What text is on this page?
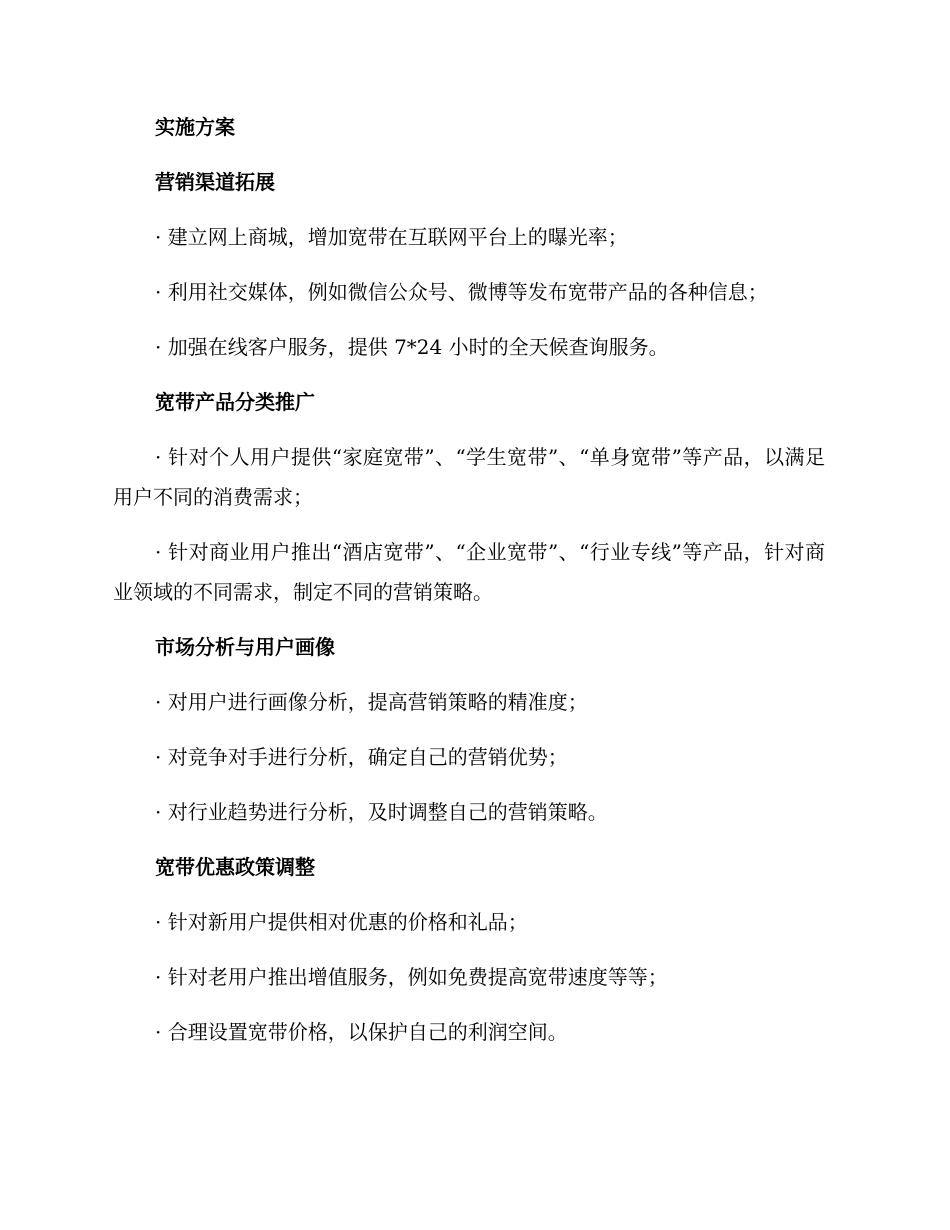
实施方案
营销渠道拓展
· 建立网上商城，增加宽带在互联网平台上的曝光率；
· 利用社交媒体，例如微信公众号、微博等发布宽带产品的各种信息；
· 加强在线客户服务，提供 7*24 小时的全天候查询服务。
宽带产品分类推广
· 针对个人用户提供“家庭宽带”、“学生宽带”、“单身宽带”等产品，以满足用户不同的消费需求；
· 针对商业用户推出“酒店宽带”、“企业宽带”、“行业专线”等产品，针对商业领域的不同需求，制定不同的营销策略。
市场分析与用户画像
· 对用户进行画像分析，提高营销策略的精准度；
· 对竞争对手进行分析，确定自己的营销优势；
· 对行业趋势进行分析，及时调整自己的营销策略。
宽带优惠政策调整
· 针对新用户提供相对优惠的价格和礼品；
· 针对老用户推出增值服务，例如免费提高宽带速度等等；
· 合理设置宽带价格，以保护自己的利润空间。
